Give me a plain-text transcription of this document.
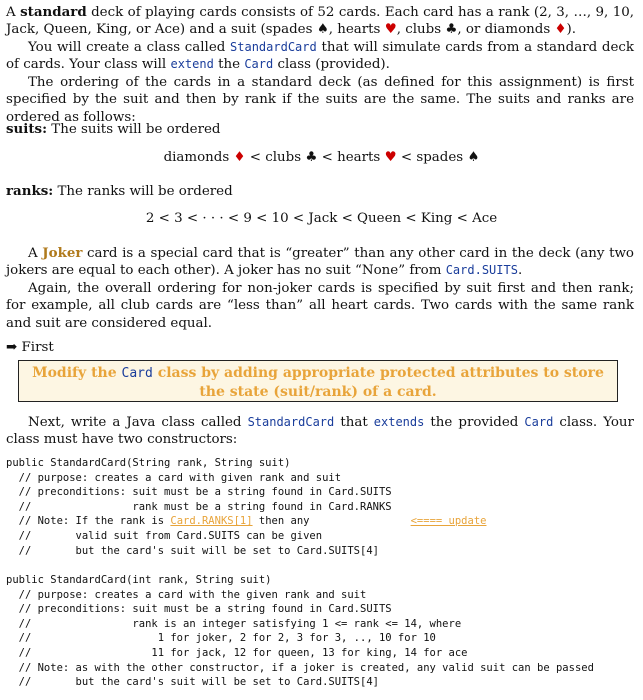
A standard deck of playing cards consists of 52 cards. Each card has a rank (2, 3, …, 9, 10, Jack, Queen, King, or Ace) and a suit (spades ♠, hearts ♥, clubs ♣, or diamonds ♦).
You will create a class called StandardCard that will simulate cards from a standard deck of cards. Your class will extend the Card class (provided).
The ordering of the cards in a standard deck (as defined for this assignment) is first specified by the suit and then by rank if the suits are the same. The suits and ranks are ordered as follows:
suits: The suits will be ordered
diamonds ♦ < clubs ♣ < hearts ♥ < spades ♠
ranks: The ranks will be ordered
2 < 3 < · · · < 9 < 10 < Jack < Queen < King < Ace
A Joker card is a special card that is “greater” than any other card in the deck (any two jokers are equal to each other). A joker has no suit “None” from Card.SUITS.
Again, the overall ordering for non-joker cards is specified by suit first and then rank; for example, all club cards are “less than” all heart cards. Two cards with the same rank and suit are considered equal.
➡ First
Modify the Card class by adding appropriate protected attributes to store the state (suit/rank) of a card.
Next, write a Java class called StandardCard that extends the provided Card class. Your class must have two constructors:
public StandardCard(String rank, String suit)
// purpose: creates a card with given rank and suit
// preconditions: suit must be a string found in Card.SUITS
//                rank must be a string found in Card.RANKS
// Note: If the rank is Card.RANKS[1] then any                <==== update
//       valid suit from Card.SUITS can be given
//       but the card's suit will be set to Card.SUITS[4]
public StandardCard(int rank, String suit)
// purpose: creates a card with the given rank and suit
// preconditions: suit must be a string found in Card.SUITS
//                rank is an integer satisfying 1 <= rank <= 14, where
//                    1 for joker, 2 for 2, 3 for 3, .., 10 for 10
//                   11 for jack, 12 for queen, 13 for king, 14 for ace
// Note: as with the other constructor, if a joker is created, any valid suit can be passed
//       but the card's suit will be set to Card.SUITS[4]
